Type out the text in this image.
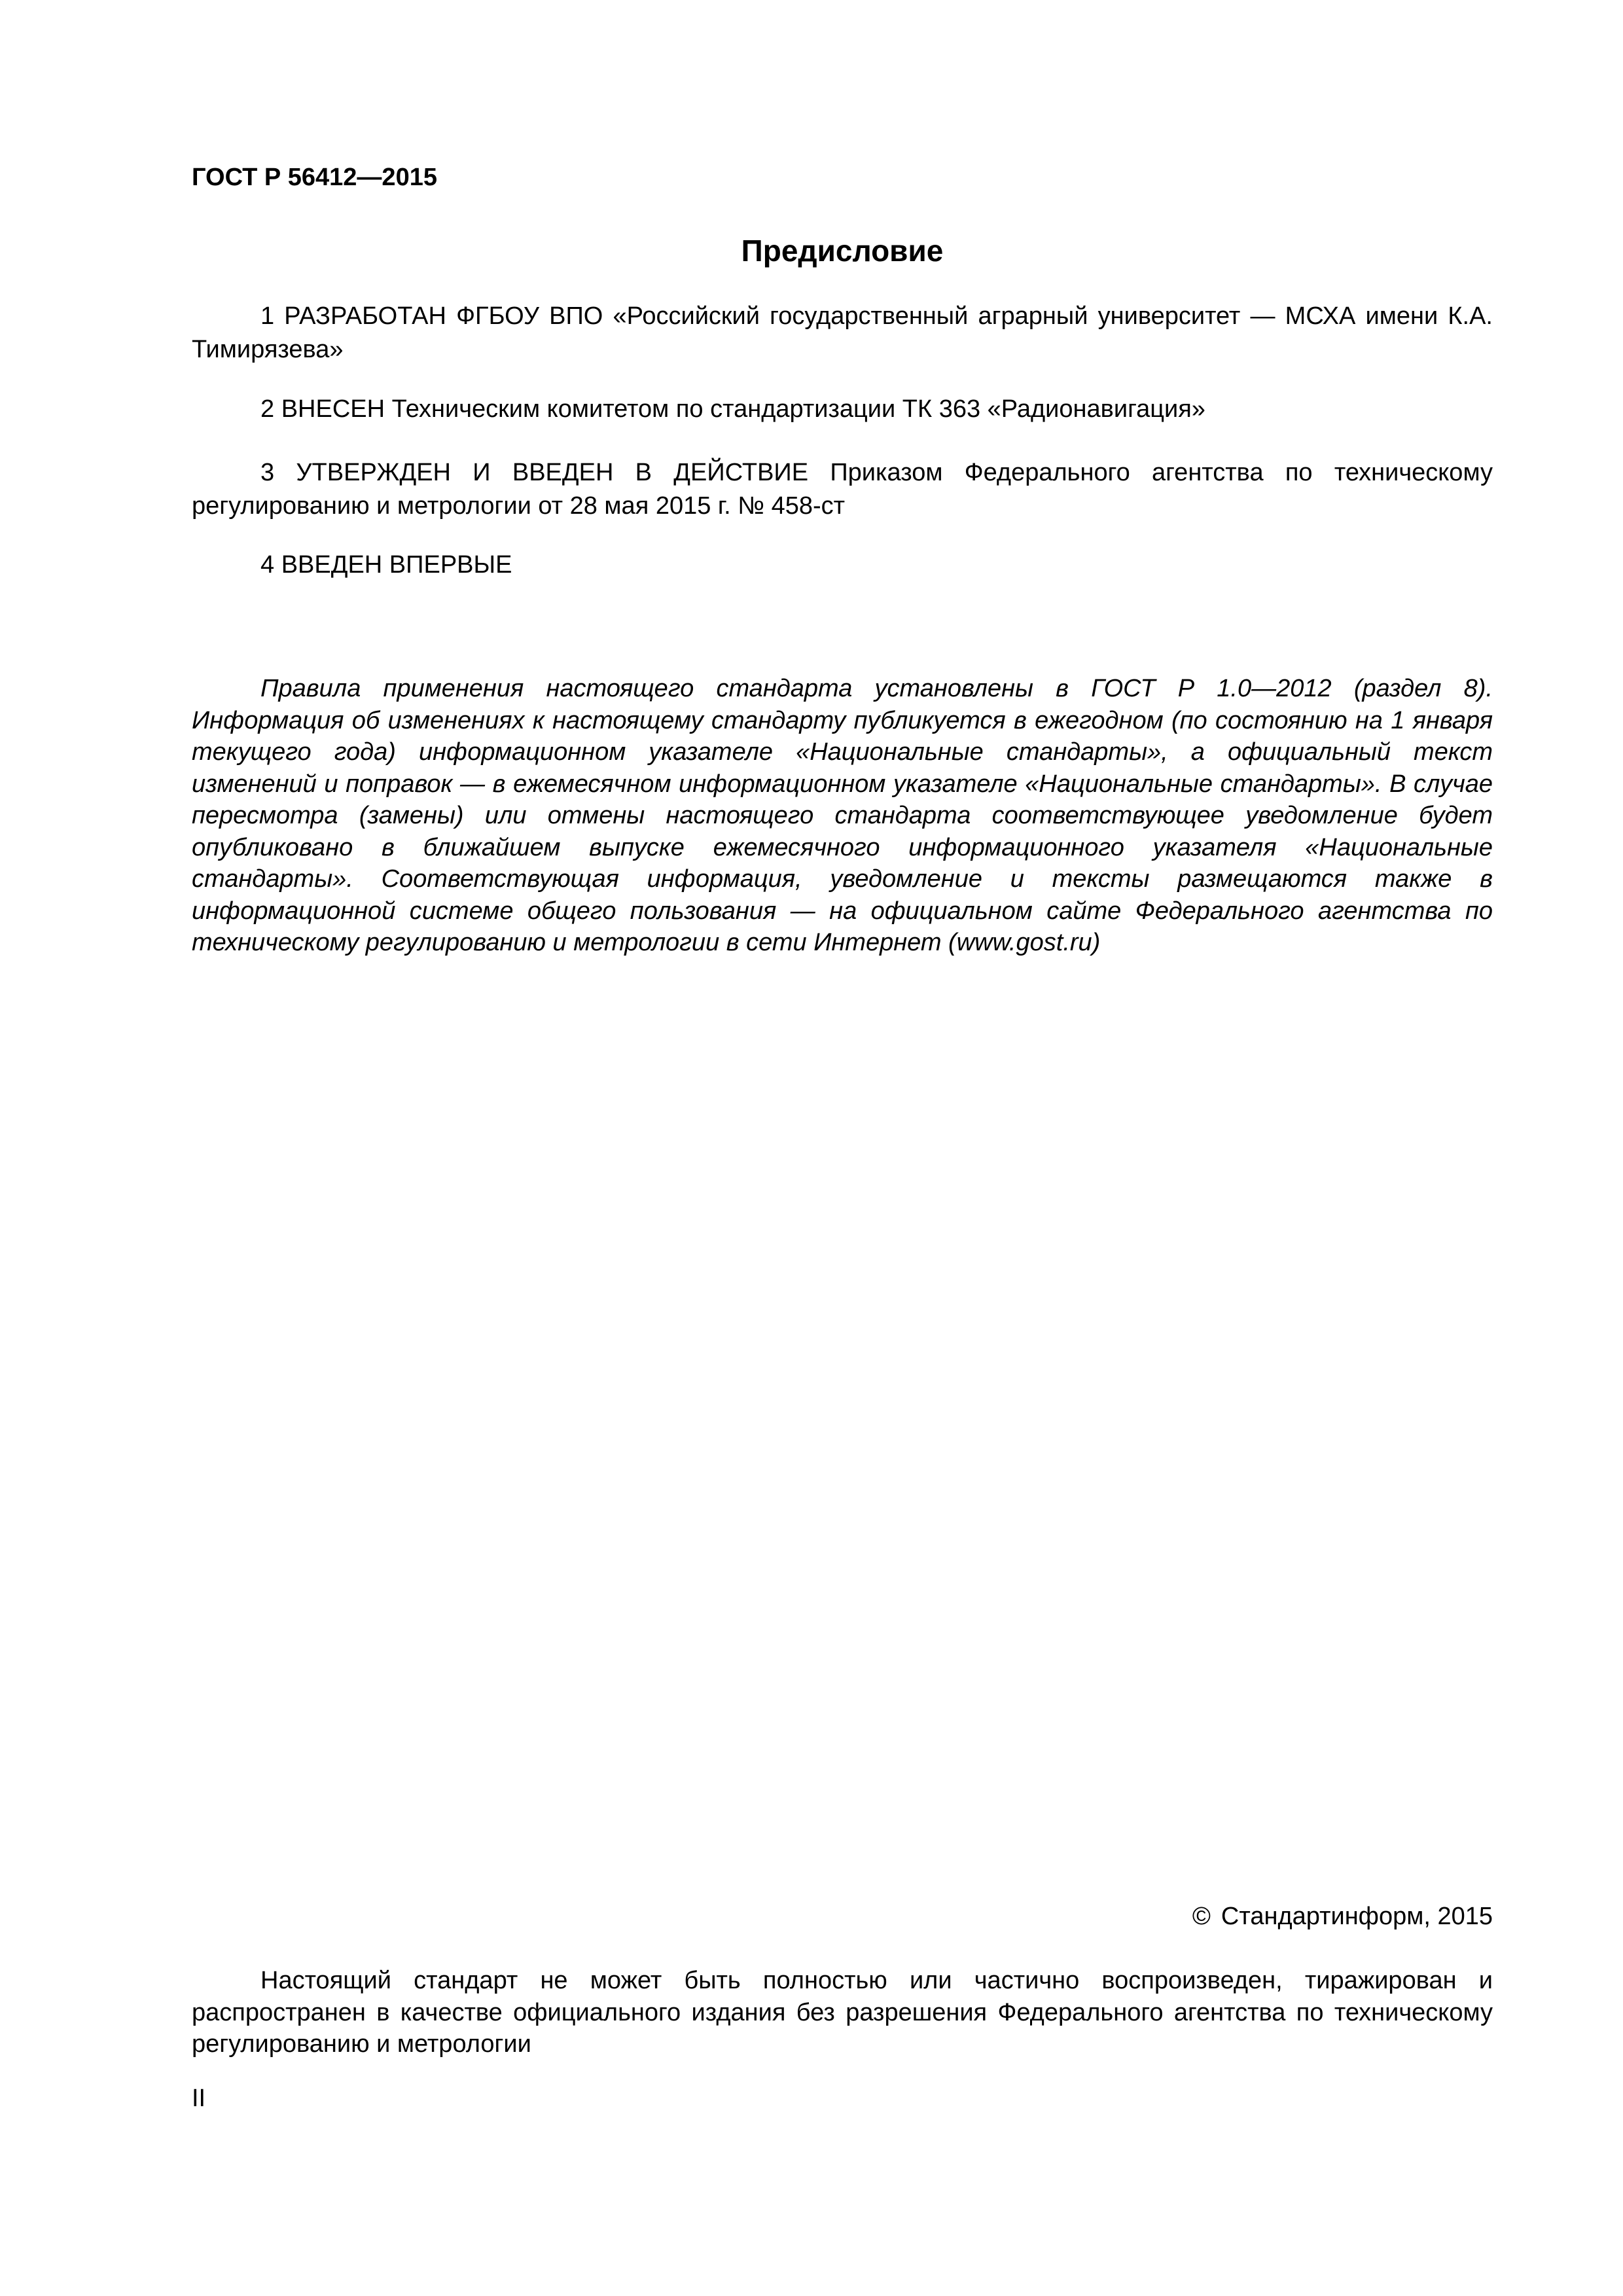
ГОСТ Р 56412—2015
Предисловие

1 РАЗРАБОТАН ФГБОУ ВПО «Российский государственный аграрный университет — МСХА имени К.А. Тимирязева»

2 ВНЕСЕН Техническим комитетом по стандартизации ТК 363 «Радионавигация»

3 УТВЕРЖДЕН И ВВЕДЕН В ДЕЙСТВИЕ Приказом Федерального агентства по техническому регулированию и метрологии от 28 мая 2015 г. № 458-ст

4 ВВЕДЕН ВПЕРВЫЕ

Правила применения настоящего стандарта установлены в ГОСТ Р 1.0—2012 (раздел 8). Информация об изменениях к настоящему стандарту публикуется в ежегодном (по состоянию на 1 января текущего года) информационном указателе «Национальные стандарты», а официальный текст изменений и поправок — в ежемесячном информационном указателе «Национальные стандарты». В случае пересмотра (замены) или отмены настоящего стандарта соответствующее уведомление будет опубликовано в ближайшем выпуске ежемесячного информационного указателя «Национальные стандарты». Соответствующая информация, уведомление и тексты размещаются также в информационной системе общего пользования — на официальном сайте Федерального агентства по техническому регулированию и метрологии в сети Интернет (www.gost.ru)

© Стандартинформ, 2015

Настоящий стандарт не может быть полностью или частично воспроизведен, тиражирован и распространен в качестве официального издания без разрешения Федерального агентства по техническому регулированию и метрологии

II
